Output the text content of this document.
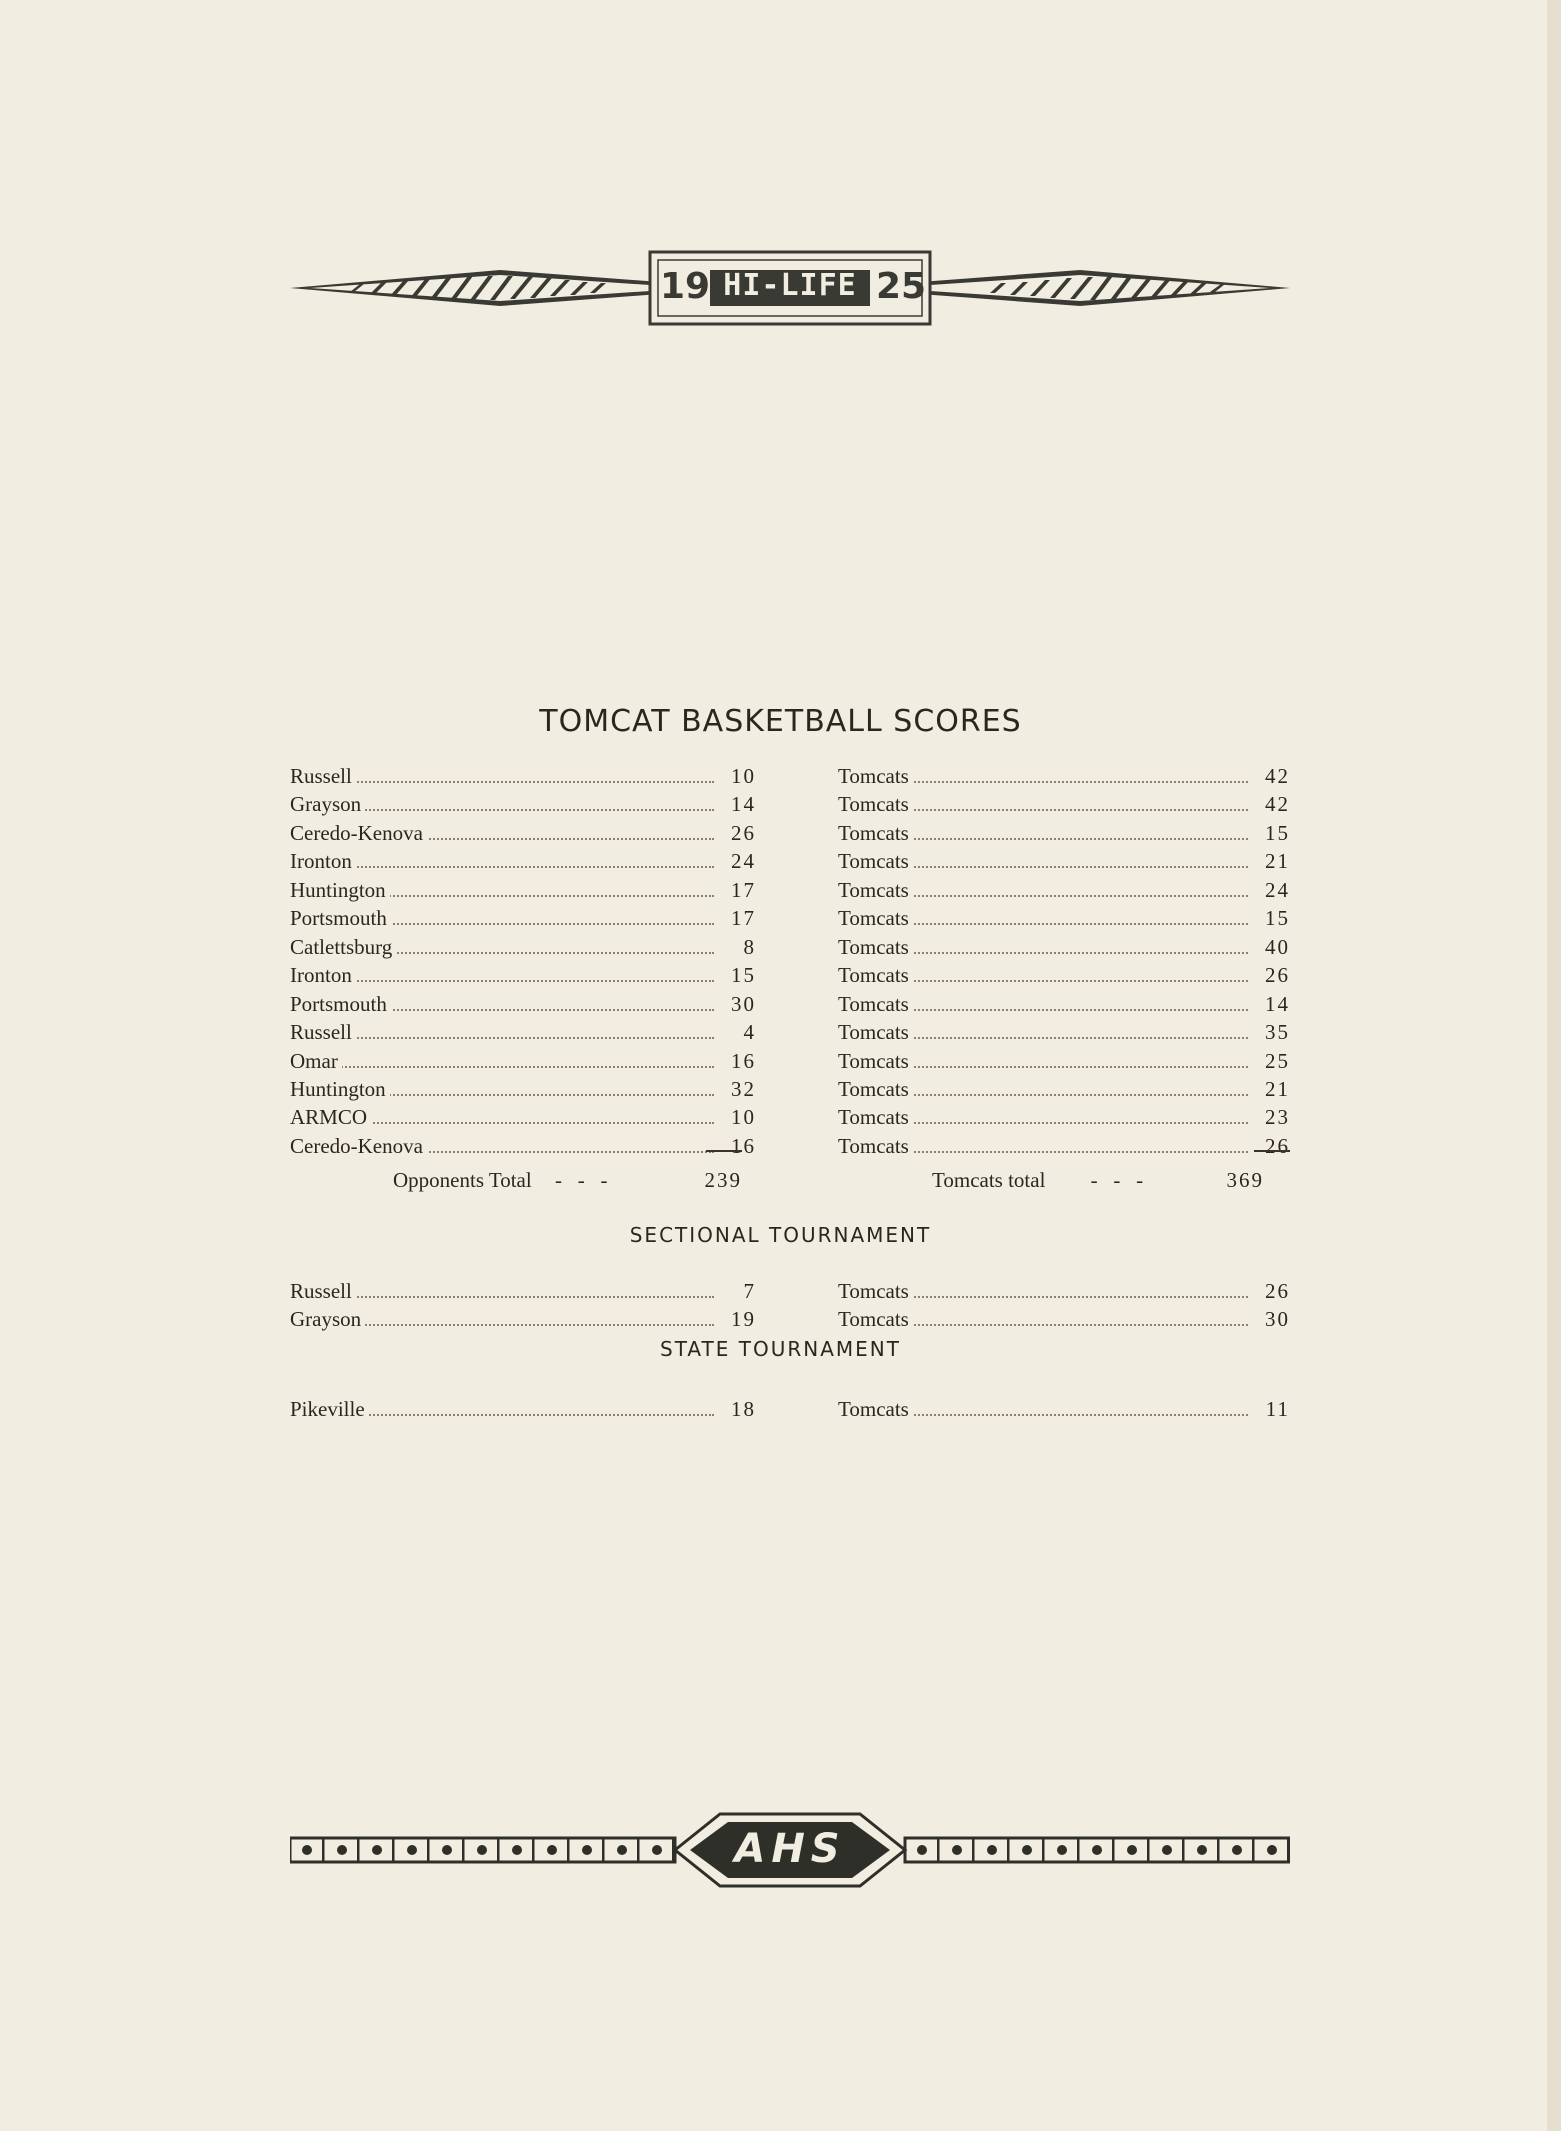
19 HI-LIFE 25
TOMCAT BASKETBALL SCORES
Russell	10	Tomcats	42
Grayson	14	Tomcats	42
Ceredo-Kenova	26	Tomcats	15
Ironton	24	Tomcats	21
Huntington	17	Tomcats	24
Portsmouth	17	Tomcats	15
Catlettsburg	8	Tomcats	40
Ironton	15	Tomcats	26
Portsmouth	30	Tomcats	14
Russell	4	Tomcats	35
Omar	16	Tomcats	25
Huntington	32	Tomcats	21
ARMCO	10	Tomcats	23
Ceredo-Kenova	16	Tomcats	26
Opponents Total -   -   -	239	Tomcats total -   -   -	369
SECTIONAL TOURNAMENT
Russell	7	Tomcats	26
Grayson	19	Tomcats	30
STATE TOURNAMENT
Pikeville	18	Tomcats	11
AHS
